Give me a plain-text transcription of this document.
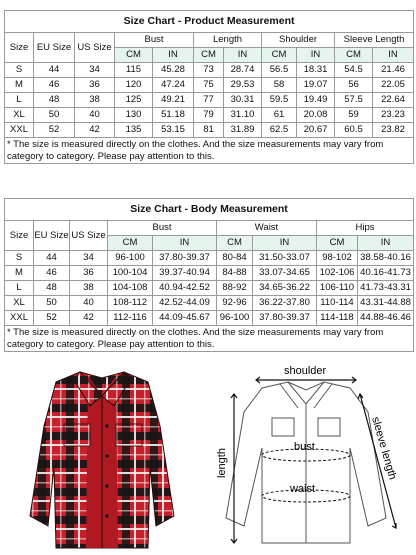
Size Chart - Product Measurement										
Size	EU Size	US Size	Bust		Length		Shoulder		Sleeve Length	
			CM	IN	CM	IN	CM	IN	CM	IN
S	44	34	115	45.28	73	28.74	56.5	18.31	54.5	21.46
M	46	36	120	47.24	75	29.53	58	19.07	56	22.05
L	48	38	125	49.21	77	30.31	59.5	19.49	57.5	22.64
XL	50	40	130	51.18	79	31.10	61	20.08	59	23.23
XXL	52	42	135	53.15	81	31.89	62.5	20.67	60.5	23.82
* The size is measured directly on the clothes. And the size measurements may vary from category to category. Please pay attention to this.										
Size Chart - Body Measurement								
Size	EU Size	US Size	Bust		Waist		Hips	
			CM	IN	CM	IN	CM	IN
S	44	34	96-100	37.80-39.37	80-84	31.50-33.07	98-102	38.58-40.16
M	46	36	100-104	39.37-40.94	84-88	33.07-34.65	102-106	40.16-41.73
L	48	38	104-108	40.94-42.52	88-92	34.65-36.22	106-110	41.73-43.31
XL	50	40	108-112	42.52-44.09	92-96	36.22-37.80	110-114	43.31-44.88
XXL	52	42	112-116	44.09-45.67	96-100	37.80-39.37	114-118	44.88-46.46
* The size is measured directly on the clothes. And the size measurements may vary from category to category. Please pay attention to this.								
shoulder
bust
waist
length	sleeve length
